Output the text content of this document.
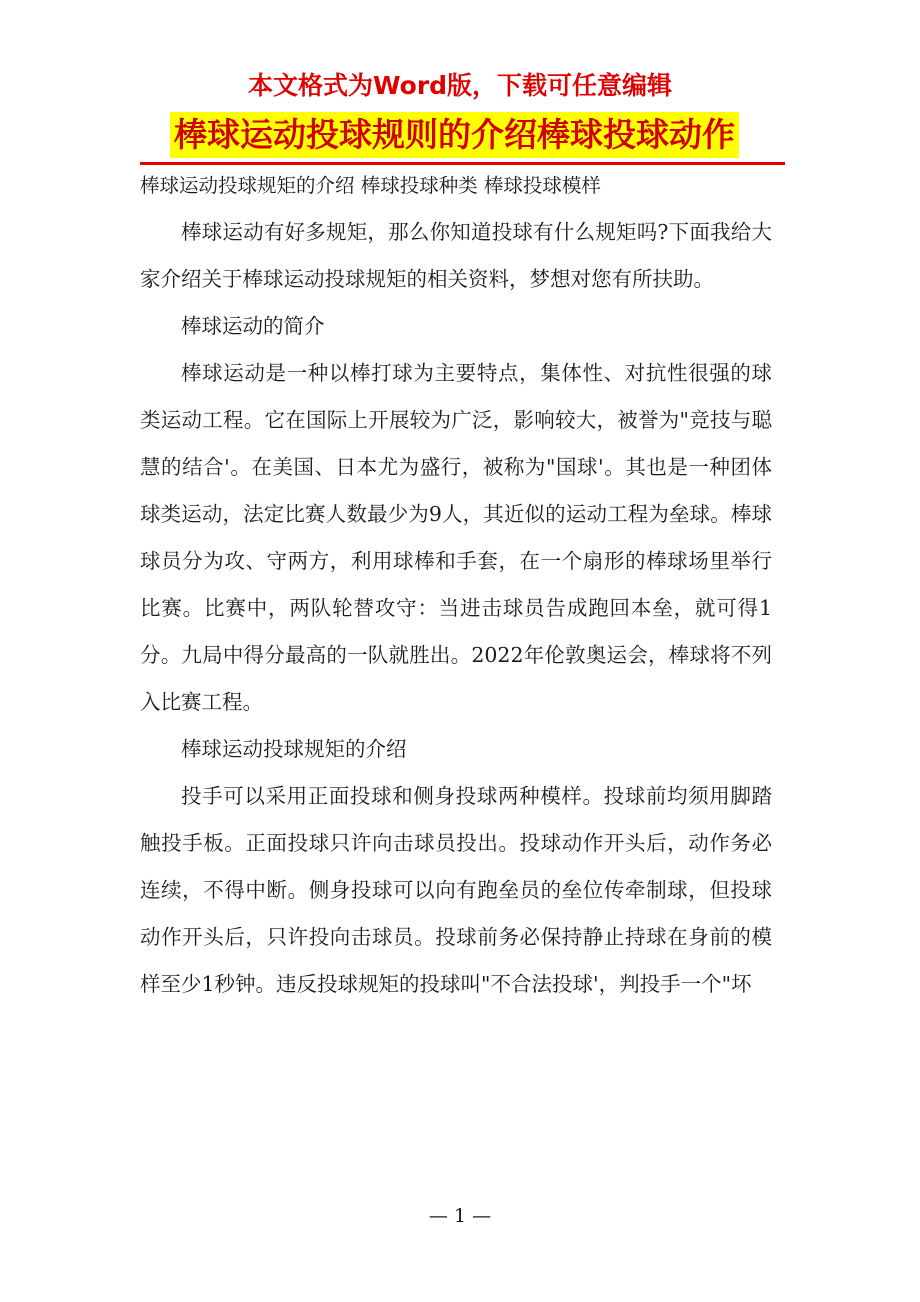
本文格式为Word版，下载可任意编辑
棒球运动投球规则的介绍棒球投球动作
棒球运动投球规矩的介绍 棒球投球种类 棒球投球模样

棒球运动有好多规矩，那么你知道投球有什么规矩吗?下面我给大家介绍关于棒球运动投球规矩的相关资料，梦想对您有所扶助。

棒球运动的简介

棒球运动是一种以棒打球为主要特点，集体性、对抗性很强的球类运动工程。它在国际上开展较为广泛，影响较大，被誉为"竞技与聪慧的结合'。在美国、日本尤为盛行，被称为"国球'。其也是一种团体球类运动，法定比赛人数最少为9人，其近似的运动工程为垒球。棒球球员分为攻、守两方，利用球棒和手套，在一个扇形的棒球场里举行比赛。比赛中，两队轮替攻守：当进击球员告成跑回本垒，就可得1分。九局中得分最高的一队就胜出。2022年伦敦奥运会，棒球将不列入比赛工程。

棒球运动投球规矩的介绍

投手可以采用正面投球和侧身投球两种模样。投球前均须用脚踏触投手板。正面投球只许向击球员投出。投球动作开头后，动作务必连续，不得中断。侧身投球可以向有跑垒员的垒位传牵制球，但投球动作开头后，只许投向击球员。投球前务必保持静止持球在身前的模样至少1秒钟。违反投球规矩的投球叫"不合法投球'，判投手一个"坏

— 1 —
